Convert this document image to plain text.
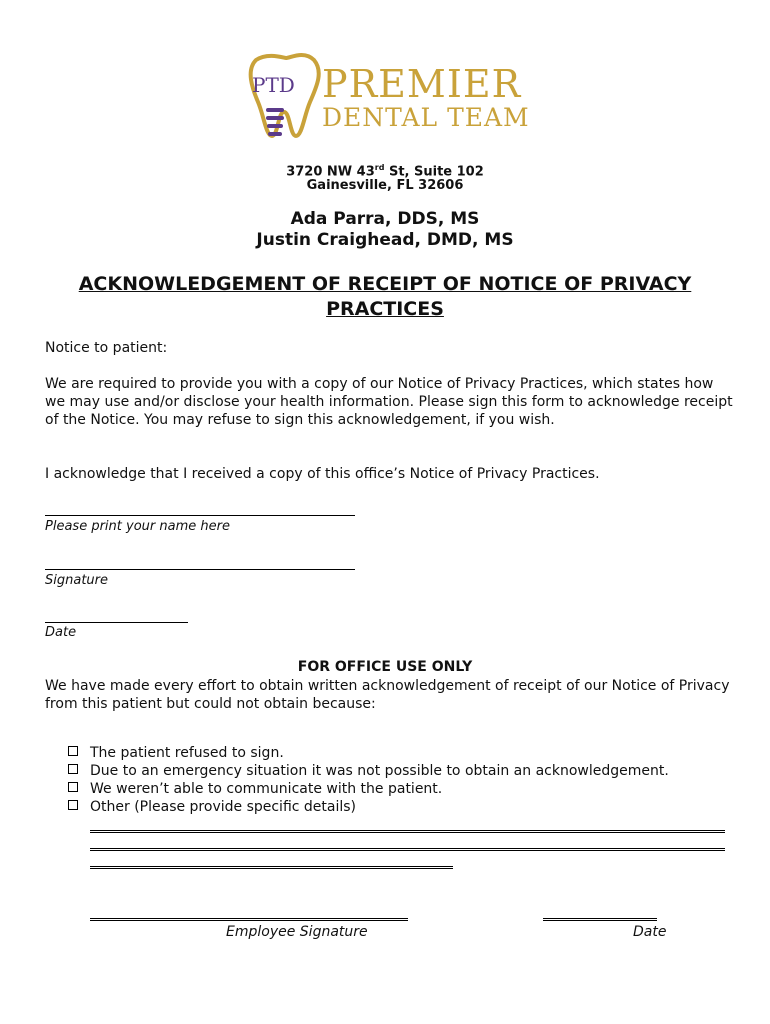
PTD PREMIER
DENTAL TEAM
3720 NW 43rd St, Suite 102
Gainesville, FL 32606
Ada Parra, DDS, MS
Justin Craighead, DMD, MS
ACKNOWLEDGEMENT OF RECEIPT OF NOTICE OF PRIVACY
PRACTICES
Notice to patient:
We are required to provide you with a copy of our Notice of Privacy Practices, which states how we may use and/or disclose your health information. Please sign this form to acknowledge receipt of the Notice. You may refuse to sign this acknowledgement, if you wish.
I acknowledge that I received a copy of this office’s Notice of Privacy Practices.
Please print your name here
Signature
Date
FOR OFFICE USE ONLY
We have made every effort to obtain written acknowledgement of receipt of our Notice of Privacy from this patient but could not obtain because:
The patient refused to sign.
Due to an emergency situation it was not possible to obtain an acknowledgement.
We weren’t able to communicate with the patient.
Other (Please provide specific details)
Employee Signature	Date
